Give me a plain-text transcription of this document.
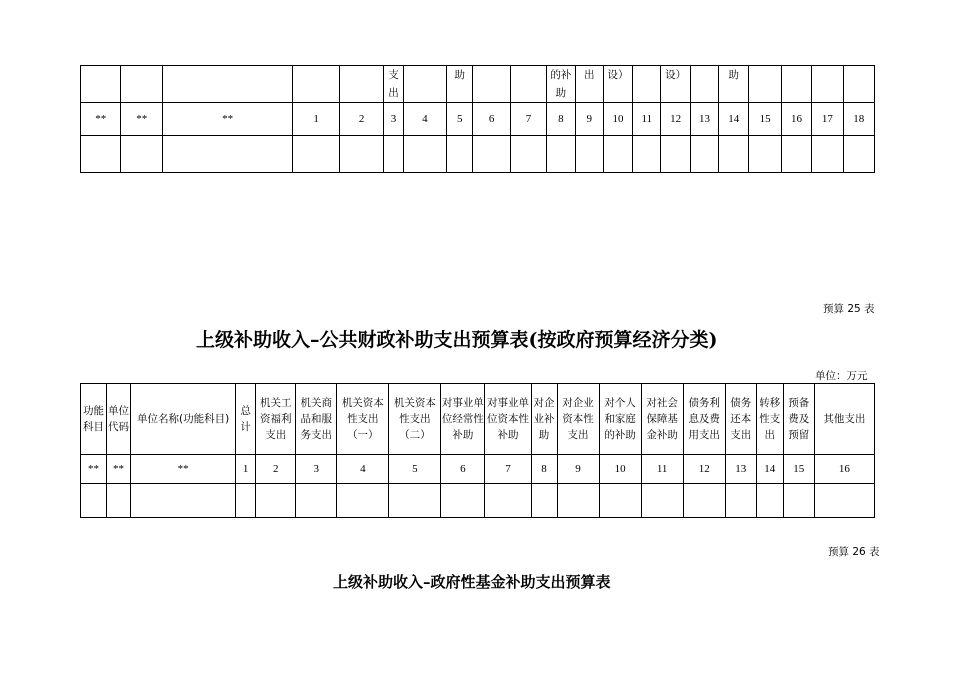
					支出		助			的补助	出	设）		设）		助				
**	**	**	1	2	3	4	5	6	7	8	9	10	11	12	13	14	15	16	17	18

预算 25 表
上级补助收入–公共财政补助支出预算表(按政府预算经济分类)
单位：万元
功能科目	单位代码	单位名称(功能科目)	总计	机关工资福利支出	机关商品和服务支出	机关资本性支出（一）	机关资本性支出（二）	对事业单位经常性补助	对事业单位资本性补助	对企业补助	对企业资本性支出	对个人和家庭的补助	对社会保障基金补助	债务利息及费用支出	债务还本支出	转移性支出	预备费及预留	其他支出
**	**	**	1	2	3	4	5	6	7	8	9	10	11	12	13	14	15	16

预算 26 表
上级补助收入–政府性基金补助支出预算表
